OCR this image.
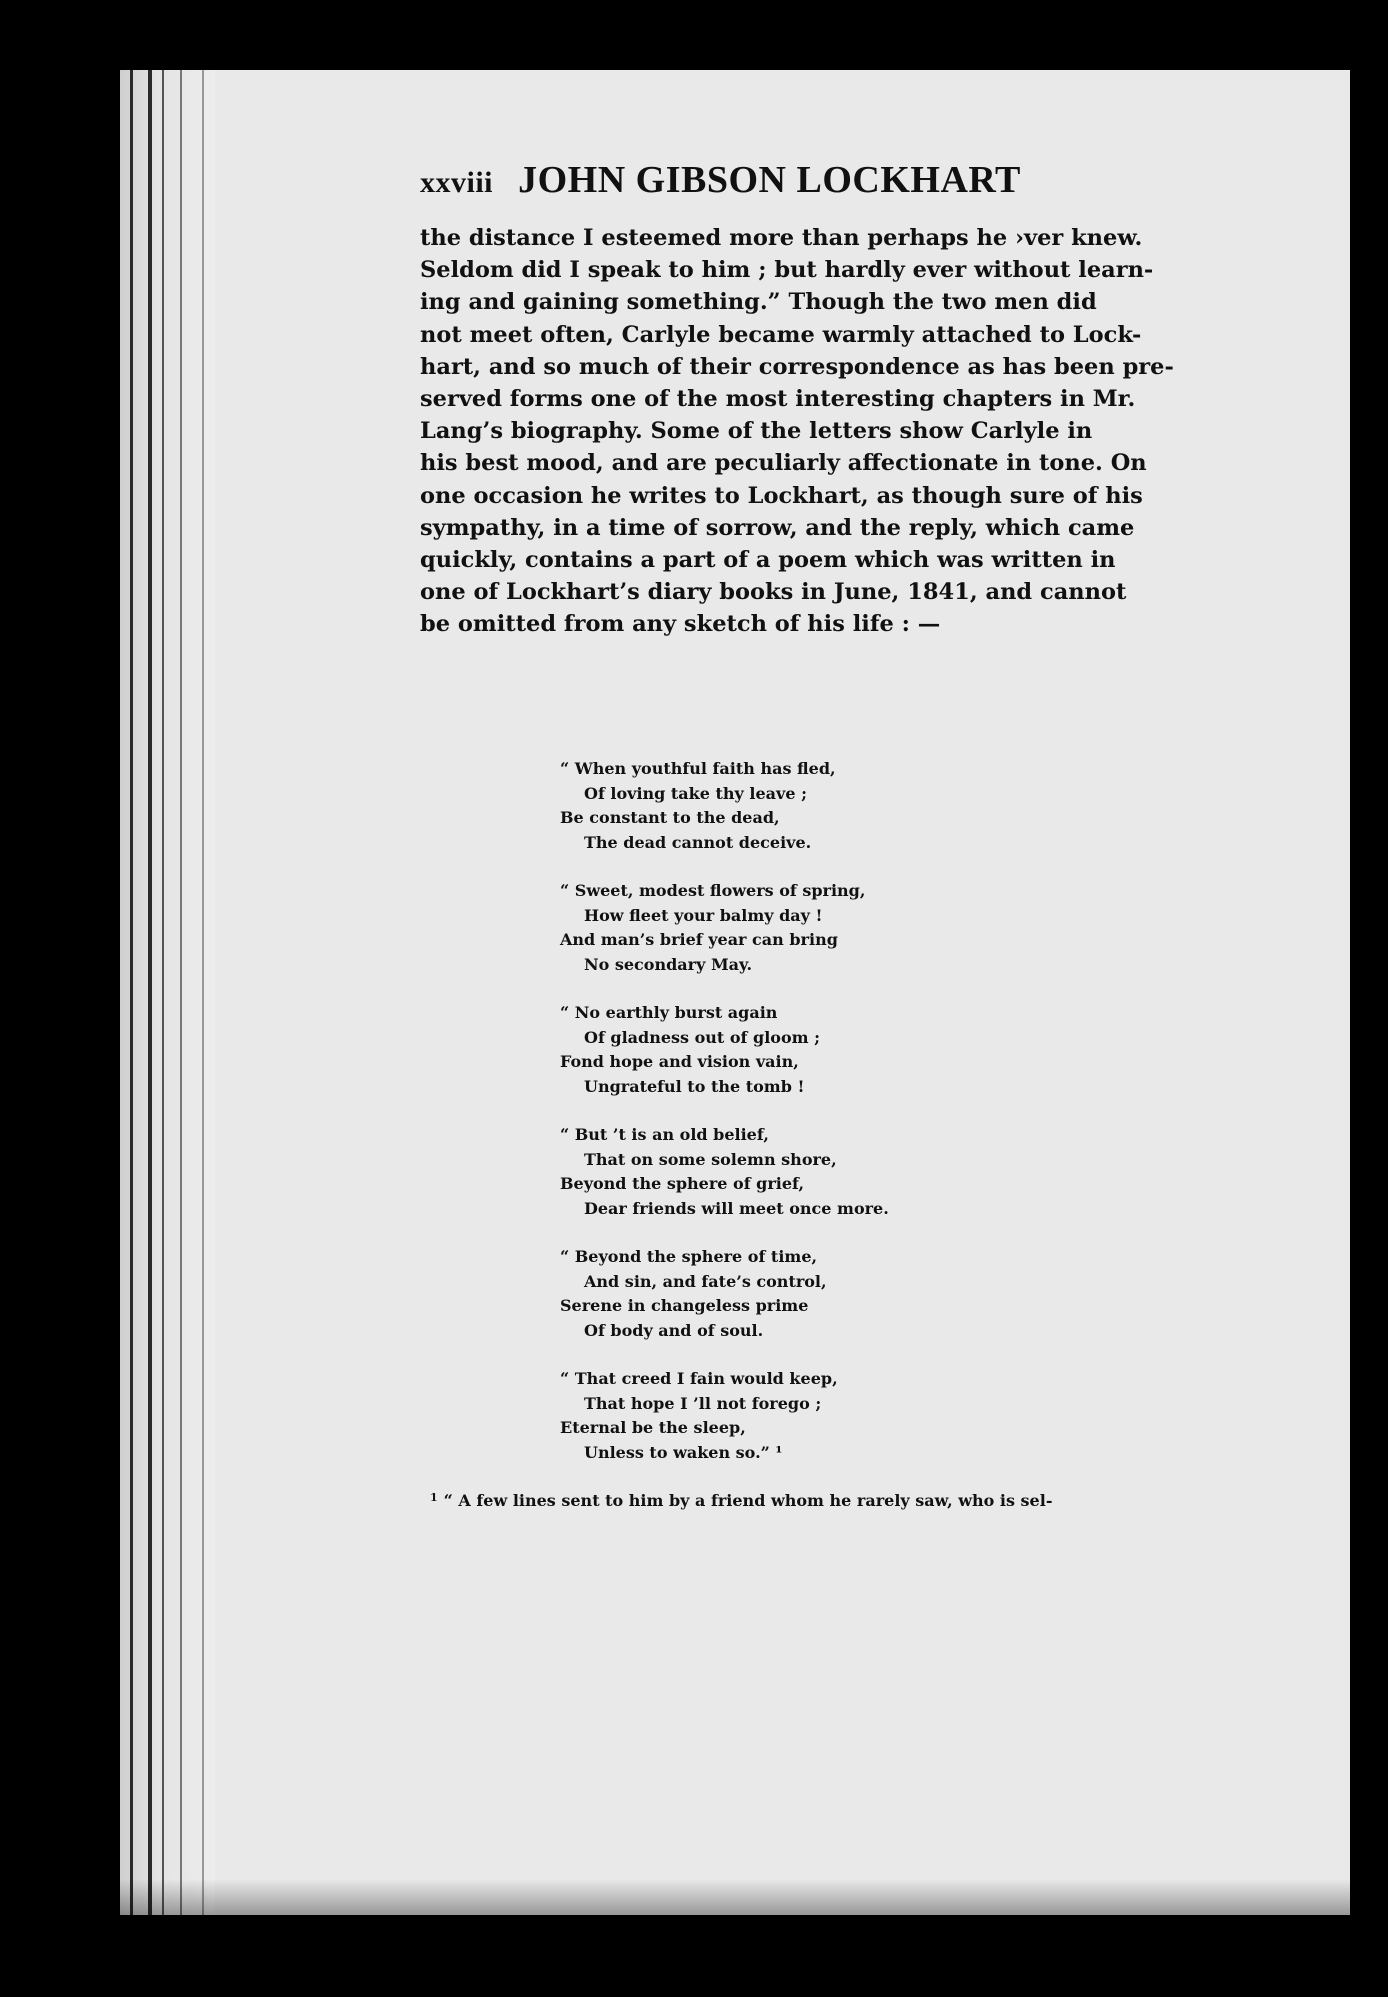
xxviii JOHN GIBSON LOCKHART
the distance I esteemed more than perhaps he ›ver knew.
Seldom did I speak to him ; but hardly ever without learn-
ing and gaining something.” Though the two men did
not meet often, Carlyle became warmly attached to Lock-
hart, and so much of their correspondence as has been pre-
served forms one of the most interesting chapters in Mr.
Lang’s biography. Some of the letters show Carlyle in
his best mood, and are peculiarly affectionate in tone. On
one occasion he writes to Lockhart, as though sure of his
sympathy, in a time of sorrow, and the reply, which came
quickly, contains a part of a poem which was written in
one of Lockhart’s diary books in June, 1841, and cannot
be omitted from any sketch of his life : —
“ When youthful faith has fled,
Of loving take thy leave ;
Be constant to the dead,
The dead cannot deceive.
“ Sweet, modest flowers of spring,
How fleet your balmy day !
And man’s brief year can bring
No secondary May.
“ No earthly burst again
Of gladness out of gloom ;
Fond hope and vision vain,
Ungrateful to the tomb !
“ But ’t is an old belief,
That on some solemn shore,
Beyond the sphere of grief,
Dear friends will meet once more.
“ Beyond the sphere of time,
And sin, and fate’s control,
Serene in changeless prime
Of body and of soul.
“ That creed I fain would keep,
That hope I ’ll not forego ;
Eternal be the sleep,
Unless to waken so.” ¹
$^1$ “ A few lines sent to him by a friend whom he rarely saw, who is sel-
